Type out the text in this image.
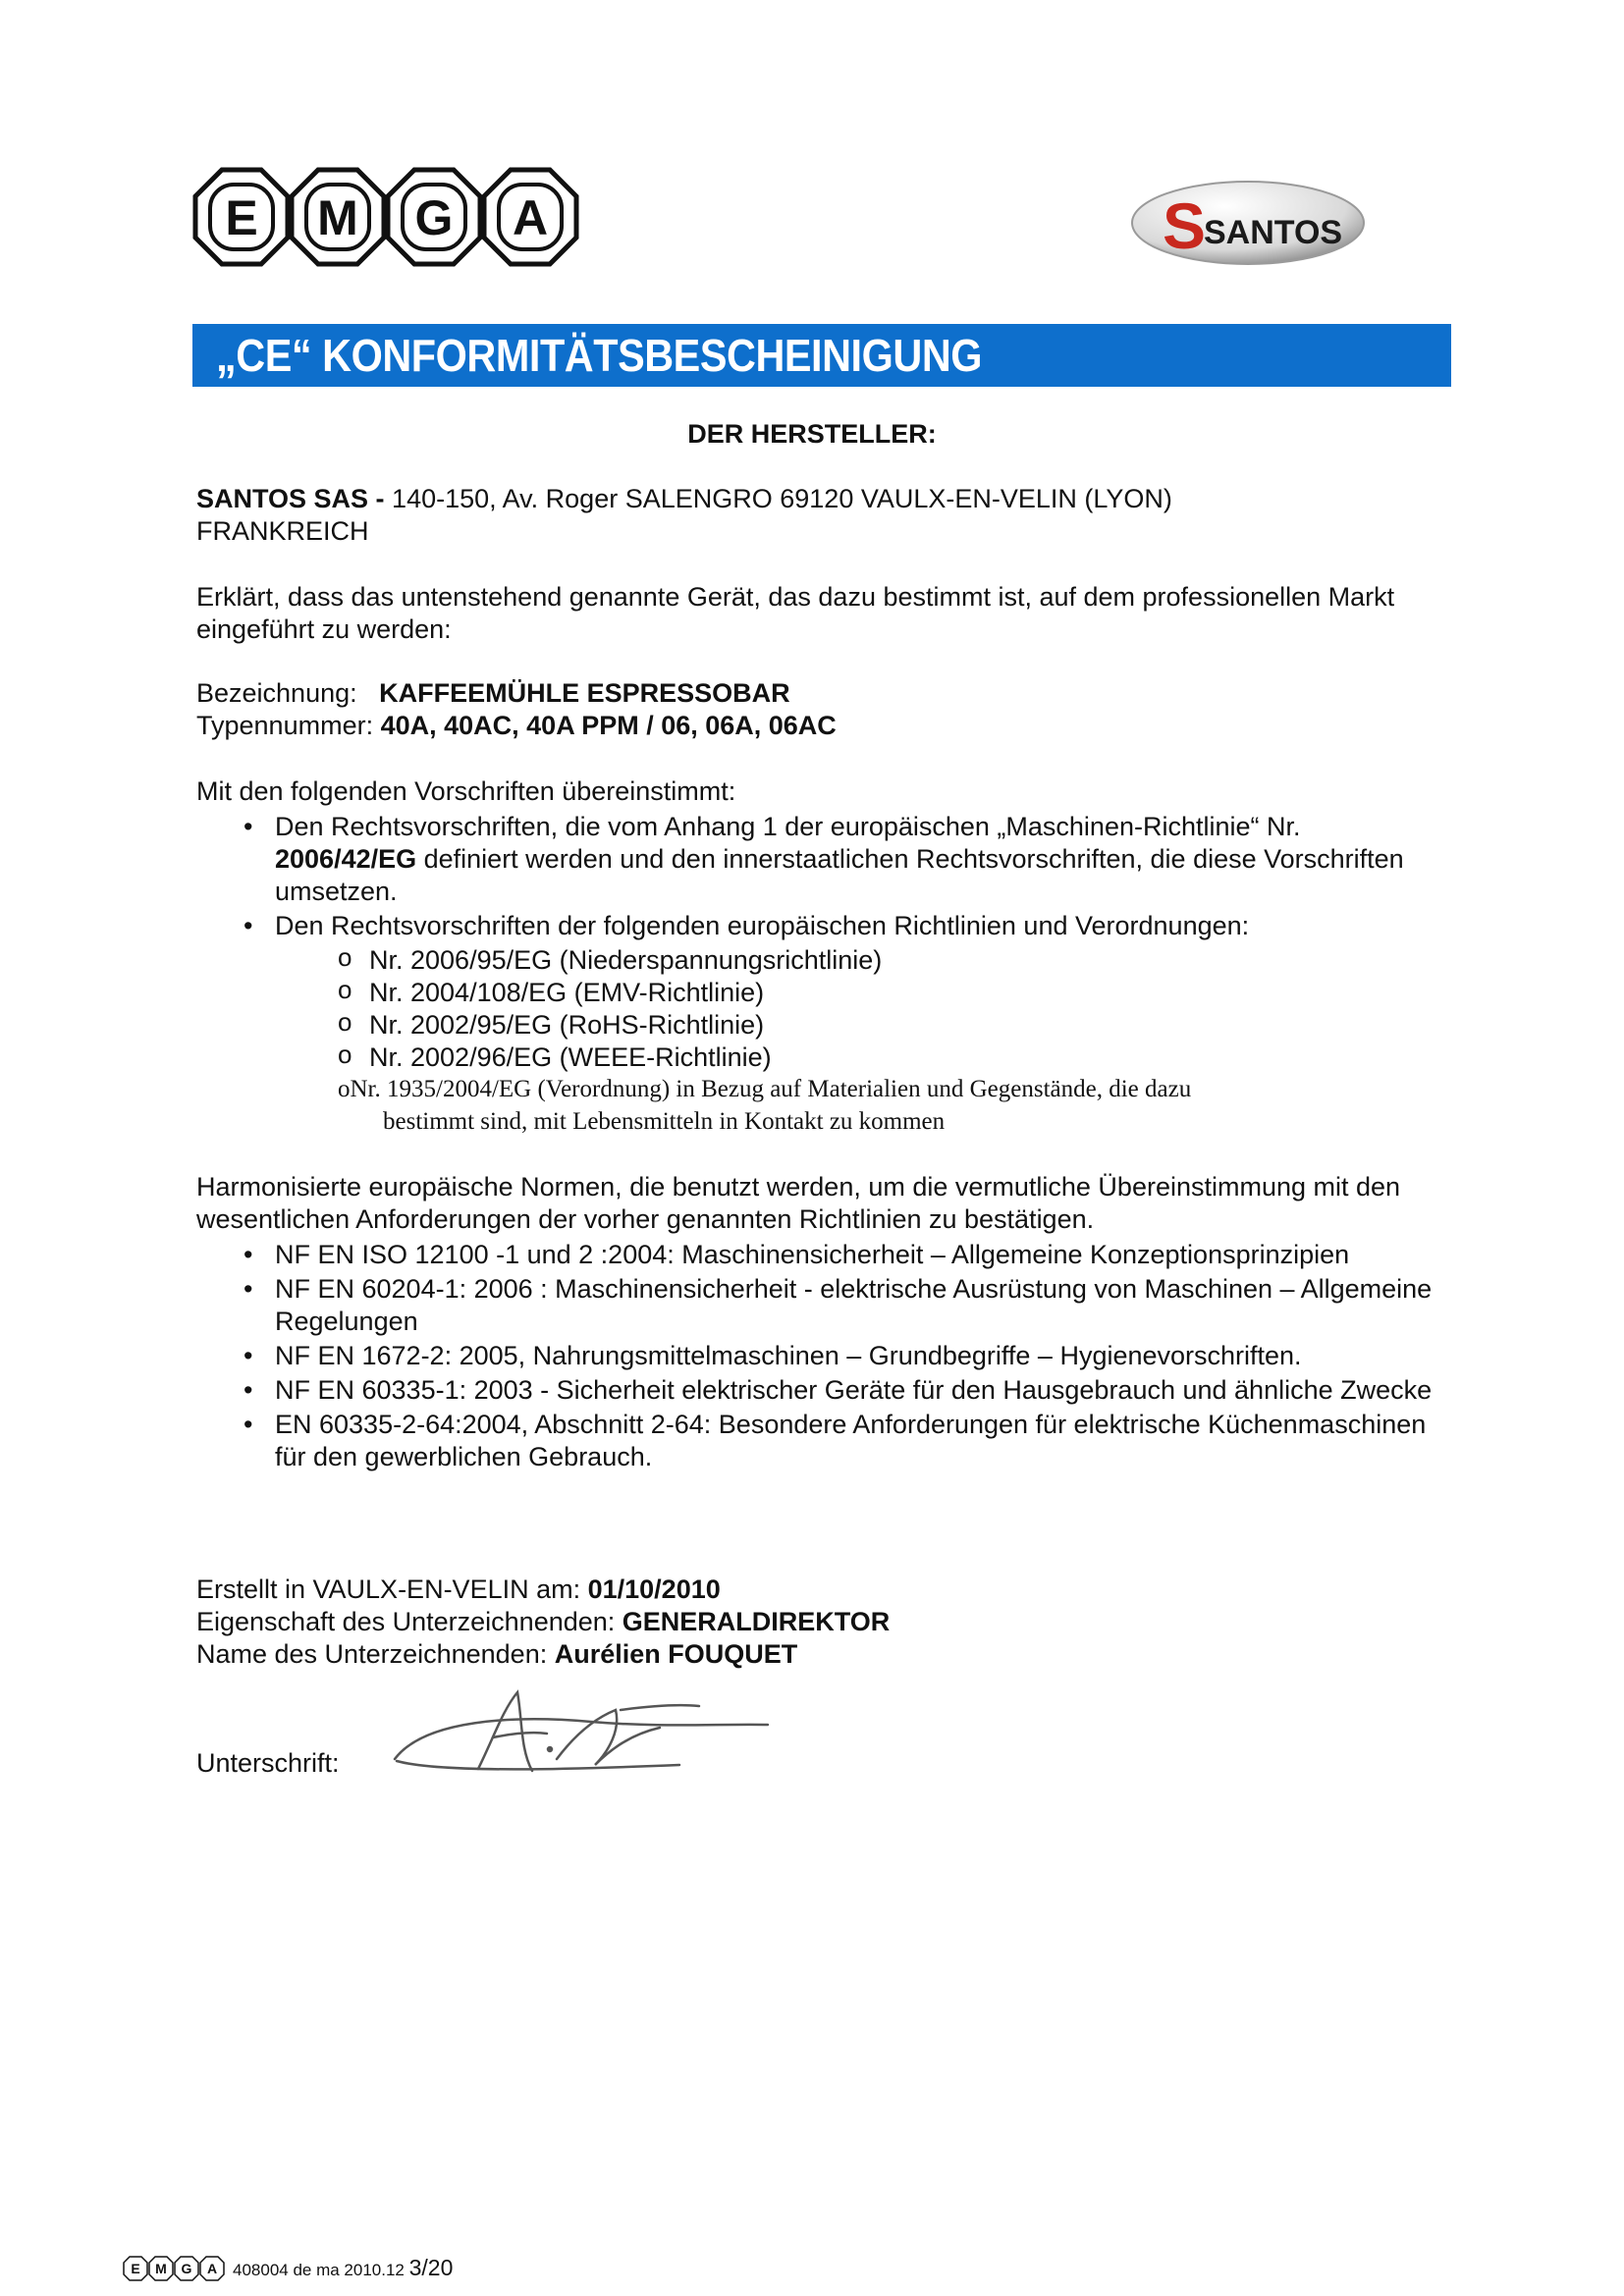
E M G A	S
SANTOS
„CE“ KONFORMITÄTSBESCHEINIGUNG
DER HERSTELLER:
SANTOS SAS - 140-150, Av. Roger SALENGRO 69120 VAULX-EN-VELIN (LYON)
FRANKREICH
Erklärt, dass das untenstehend genannte Gerät, das dazu bestimmt ist, auf dem professionellen Markt eingeführt zu werden:
Bezeichnung: KAFFEEMÜHLE ESPRESSOBAR
Typennummer: 40A, 40AC, 40A PPM / 06, 06A, 06AC
Mit den folgenden Vorschriften übereinstimmt:
• Den Rechtsvorschriften, die vom Anhang 1 der europäischen „Maschinen-Richtlinie“ Nr. 2006/42/EG definiert werden und den innerstaatlichen Rechtsvorschriften, die diese Vorschriften umsetzen.
• Den Rechtsvorschriften der folgenden europäischen Richtlinien und Verordnungen:
o Nr. 2006/95/EG (Niederspannungsrichtlinie)
o Nr. 2004/108/EG (EMV-Richtlinie)
o Nr. 2002/95/EG (RoHS-Richtlinie)
o Nr. 2002/96/EG (WEEE-Richtlinie)
oNr. 1935/2004/EG (Verordnung) in Bezug auf Materialien und Gegenstände, die dazu
bestimmt sind, mit Lebensmitteln in Kontakt zu kommen
Harmonisierte europäische Normen, die benutzt werden, um die vermutliche Übereinstimmung mit den wesentlichen Anforderungen der vorher genannten Richtlinien zu bestätigen.
• NF EN ISO 12100 -1 und 2 :2004: Maschinensicherheit – Allgemeine Konzeptionsprinzipien
• NF EN 60204-1: 2006 : Maschinensicherheit - elektrische Ausrüstung von Maschinen – Allgemeine Regelungen
• NF EN 1672-2: 2005, Nahrungsmittelmaschinen – Grundbegriffe – Hygienevorschriften.
• NF EN 60335-1: 2003 - Sicherheit elektrischer Geräte für den Hausgebrauch und ähnliche Zwecke
• EN 60335-2-64:2004, Abschnitt 2-64: Besondere Anforderungen für elektrische Küchenmaschinen für den gewerblichen Gebrauch.
Erstellt in VAULX-EN-VELIN am: 01/10/2010
Eigenschaft des Unterzeichnenden: GENERALDIREKTOR
Name des Unterzeichnenden: Aurélien FOUQUET
Unterschrift:
E M G A 408004 de ma 2010.12 3/20
